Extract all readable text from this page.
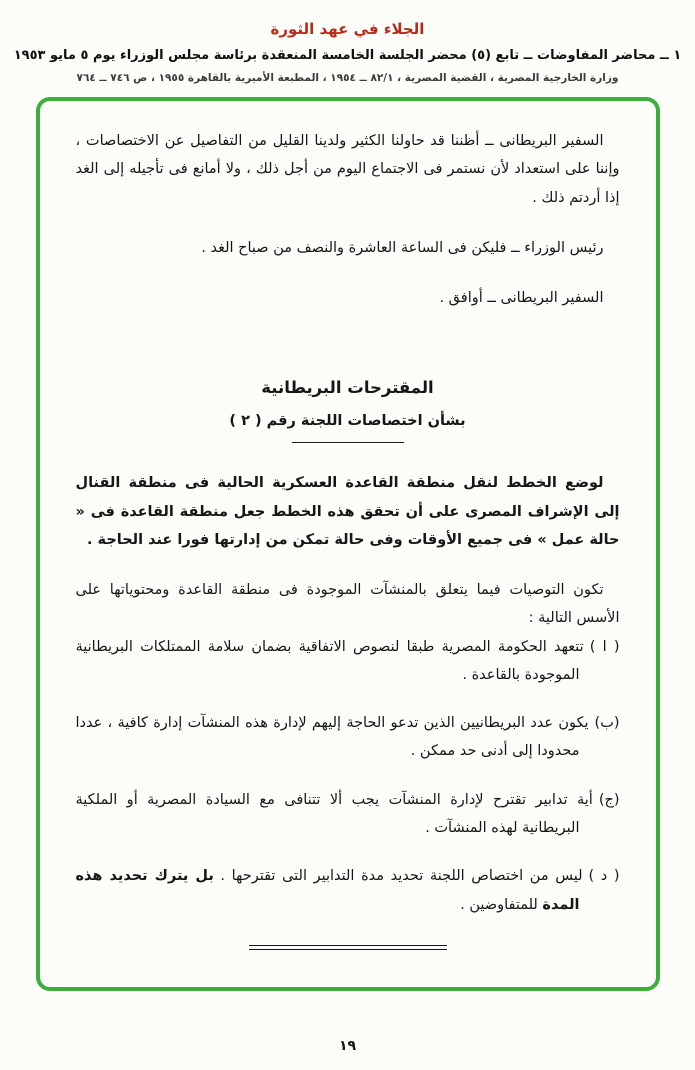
الجلاء في عهد الثورة
١ ــ محاضر المفاوضات ــ تابع (٥) محضر الجلسة الخامسة المنعقدة برئاسة مجلس الوزراء يوم ٥ مايو ١٩٥٣
وزارة الخارجية المصرية ، القضية المصرية ، ٨٢/١ ــ ١٩٥٤ ، المطبعة الأميرية بالقاهرة ١٩٥٥ ، ص ٧٤٦ ــ ٧٦٤

السفير البريطانى ــ أظننا قد حاولنا الكثير ولدينا القليل من التفاصيل عن الاختصاصات ، وإننا على استعداد لأن نستمر فى الاجتماع اليوم من أجل ذلك ، ولا أمانع فى تأجيله إلى الغد إذا أردتم ذلك .

رئيس الوزراء ــ فليكن فى الساعة العاشرة والنصف من صباح الغد .

السفير البريطانى ــ أوافق .

المقترحات البريطانية
بشأن اختصاصات اللجنة رقم ( ٢ )

لوضع الخطط لنقل منطقة القاعدة العسكرية الحالية فى منطقة القنال إلى الإشراف المصرى على أن تحقق هذه الخطط جعل منطقة القاعدة فى « حالة عمل » فى جميع الأوقات وفى حالة تمكن من إدارتها فورا عند الحاجة .

تكون التوصيات فيما يتعلق بالمنشآت الموجودة فى منطقة القاعدة ومحتوياتها على الأسس التالية :

( ا )تتعهد الحكومة المصرية طبقا لنصوص الاتفاقية بضمان سلامة الممتلكات البريطانية الموجودة بالقاعدة .
(ب)يكون عدد البريطانيين الذين تدعو الحاجة إليهم لإدارة هذه المنشآت إدارة كافية ، عددا محدودا إلى أدنى حد ممكن .
(ج)أية تدابير تقترح لإدارة المنشآت يجب ألا تتنافى مع السيادة المصرية أو الملكية البريطانية لهذه المنشآت .
( د )ليس من اختصاص اللجنة تحديد مدة التدابير التى تقترحها . بل يترك تحديد هذه المدة للمتفاوضين .
١٩
